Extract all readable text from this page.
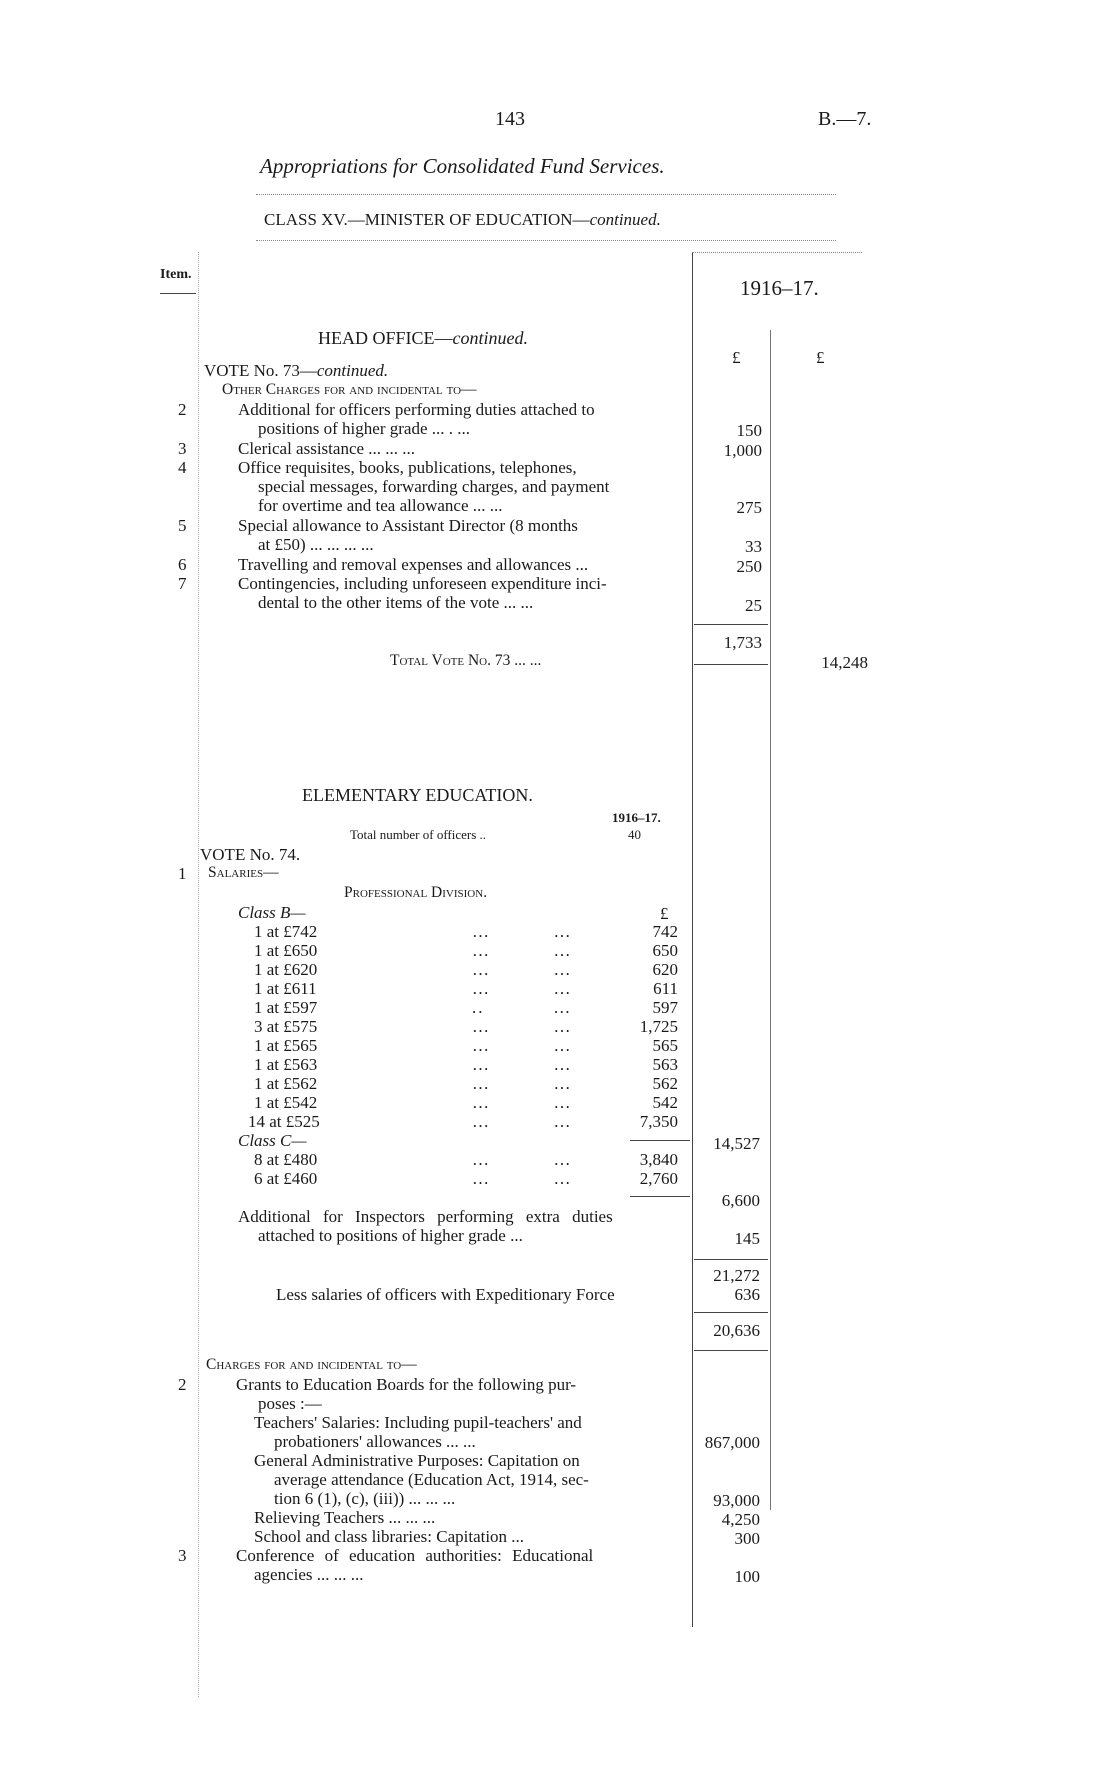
143	B.—7.
Appropriations for Consolidated Fund Services.
CLASS XV.—MINISTER OF EDUCATION—continued.
Item.
1916–17.
£	£
HEAD OFFICE—continued.
VOTE No. 73—continued.
Other Charges for and incidental to—
2	Additional for officers performing duties attached to
positions of higher grade ... . ...	150
3	Clerical assistance ... ... ...	1,000
4	Office requisites, books, publications, telephones,
special messages, forwarding charges, and payment
for overtime and tea allowance ... ...	275
5	Special allowance to Assistant Director (8 months
at £50) ... ... ... ...	33
6	Travelling and removal expenses and allowances ...	250
7	Contingencies, including unforeseen expenditure inci-
dental to the other items of the vote ... ...	25
1,733
Total Vote No. 73 ... ...	14,248
ELEMENTARY EDUCATION.
1916–17.
Total number of officers ..	40
VOTE No. 74.
1 Salaries—
Professional Division.
Class B—	£
1 at £742	…          …	742
1 at £650	…          …	650
1 at £620	…          …	620
1 at £611	…          …	611
1 at £597	..           …	597
3 at £575	…          …	1,725
1 at £565	…          …	565
1 at £563	…          …	563
1 at £562	…          …	562
1 at £542	…          …	542
14 at £525	…          …	7,350
14,527
Class C—
8 at £480	…          …	3,840
6 at £460	…          …	2,760
6,600
Additional for Inspectors performing extra duties
attached to positions of higher grade ...	145
21,272
Less salaries of officers with Expeditionary Force	636
20,636
Charges for and incidental to—
2	Grants to Education Boards for the following pur-
poses :—
Teachers' Salaries: Including pupil-teachers' and
probationers' allowances ... ...	867,000
General Administrative Purposes: Capitation on
average attendance (Education Act, 1914, sec-
tion 6 (1), (c), (iii)) ... ... ...	93,000
Relieving Teachers ... ... ...	4,250
School and class libraries: Capitation ...	300
3	Conference of education authorities: Educational
agencies ... ... ...	100
